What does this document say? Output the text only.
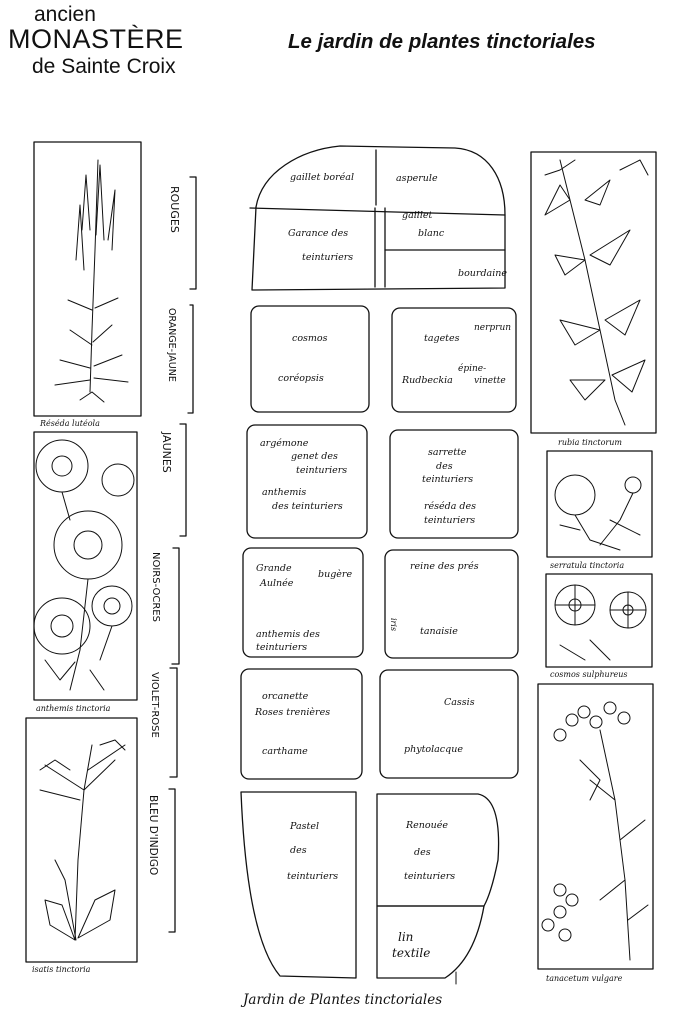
ancien
MONASTÈRE
de Sainte Croix
Le jardin de plantes tinctoriales
Réséda lutéola
anthemis tinctoria
isatis tinctoria
ROUGES
ORANGE-JAUNE
JAUNES
NOIRS-OCRES
VIOLET-ROSE
BLEU D'INDIGO
gaillet boréal	asperule
Garance des
teinturiers
gaillet
blanc
bourdaine
cosmos
coréopsis
tagetes
Rudbeckia
nerprun
épine-
vinette
argémone
genet des
teinturiers
anthemis
des teinturiers
sarrette
des
teinturiers
réséda des
teinturiers
Grande
Aulnée
bugère
anthemis des
teinturiers
reine des prés
tanaisie
iris
orcanette
Roses trenières
carthame
Cassis
phytolacque
Pastel
des
teinturiers
Renouée
des
teinturiers
lin
textile
rubia tinctorum
serratula tinctoria
cosmos sulphureus
tanacetum vulgare
Jardin de Plantes tinctoriales
